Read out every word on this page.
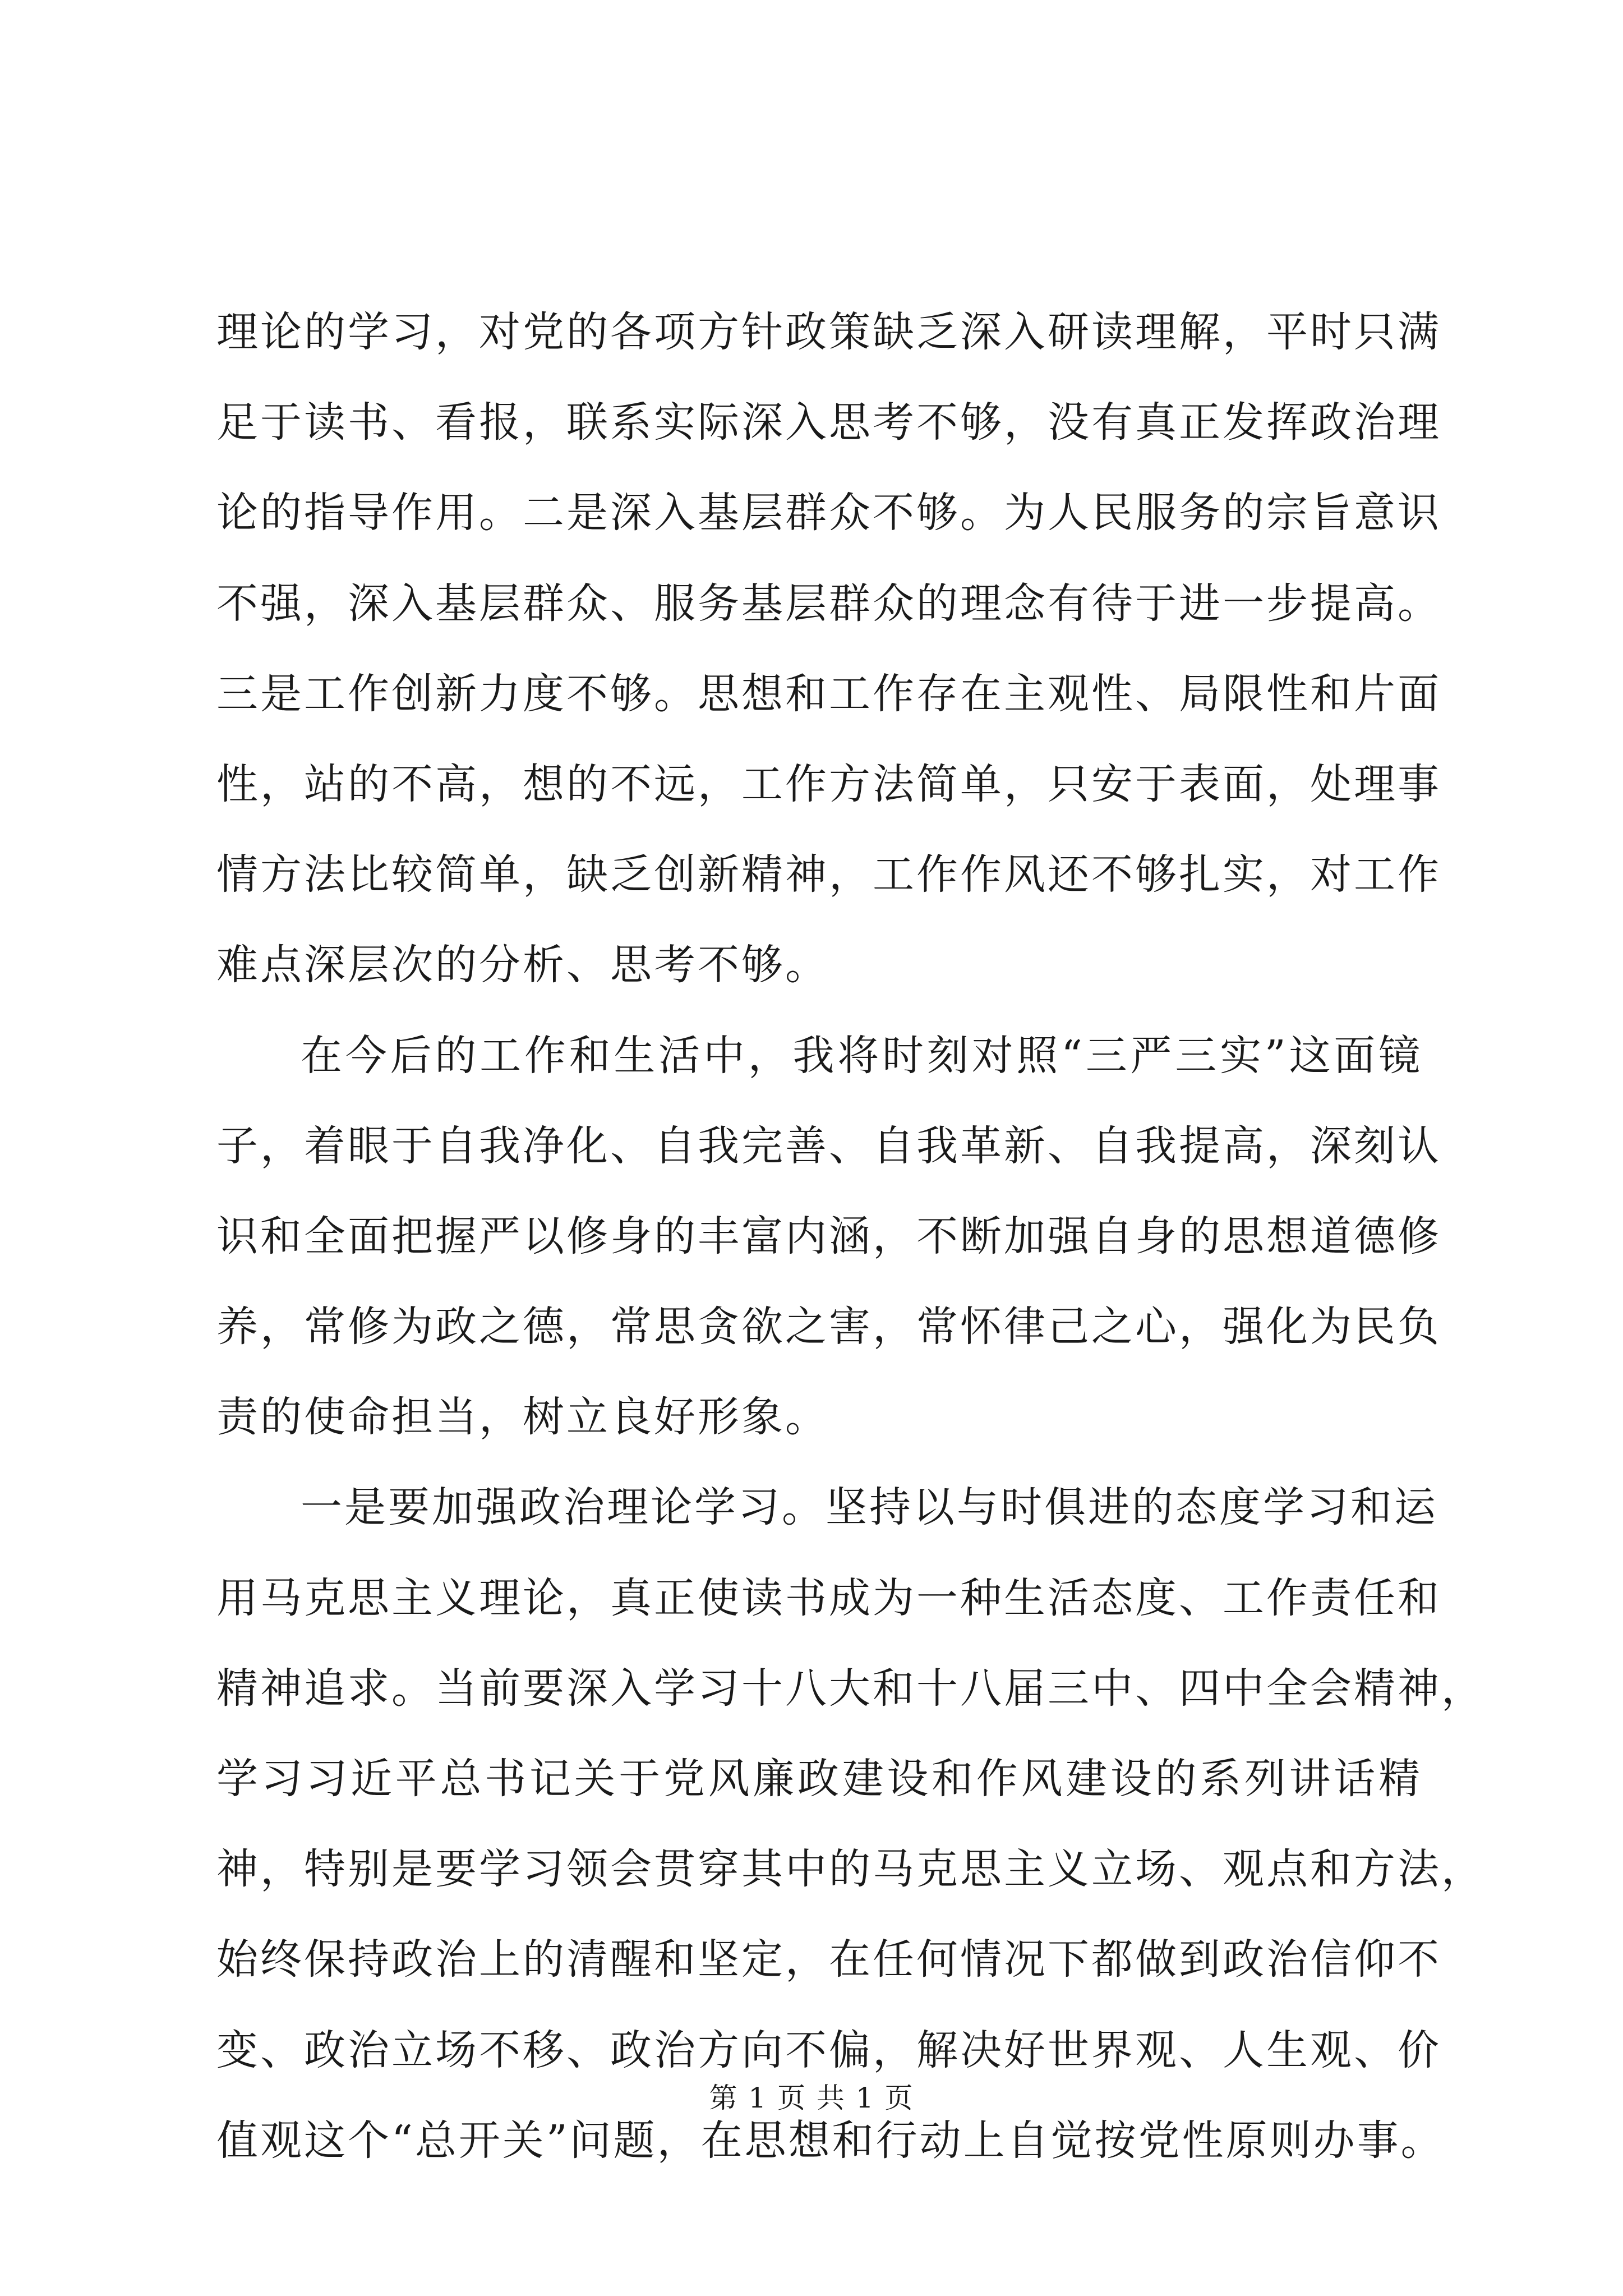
理论的学习，对党的各项方针政策缺乏深入研读理解，平时只满
足于读书、看报，联系实际深入思考不够，没有真正发挥政治理
论的指导作用。二是深入基层群众不够。为人民服务的宗旨意识
不强，深入基层群众、服务基层群众的理念有待于进一步提高。
三是工作创新力度不够。思想和工作存在主观性、局限性和片面
性，站的不高，想的不远，工作方法简单，只安于表面，处理事
情方法比较简单，缺乏创新精神，工作作风还不够扎实，对工作
难点深层次的分析、思考不够。
在今后的工作和生活中，我将时刻对照“三严三实”这面镜
子，着眼于自我净化、自我完善、自我革新、自我提高，深刻认
识和全面把握严以修身的丰富内涵，不断加强自身的思想道德修
养，常修为政之德，常思贪欲之害，常怀律己之心，强化为民负
责的使命担当，树立良好形象。
一是要加强政治理论学习。坚持以与时俱进的态度学习和运
用马克思主义理论，真正使读书成为一种生活态度、工作责任和
精神追求。当前要深入学习十八大和十八届三中、四中全会精神，
学习习近平总书记关于党风廉政建设和作风建设的系列讲话精
神，特别是要学习领会贯穿其中的马克思主义立场、观点和方法，
始终保持政治上的清醒和坚定，在任何情况下都做到政治信仰不
变、政治立场不移、政治方向不偏，解决好世界观、人生观、价
值观这个“总开关”问题，在思想和行动上自觉按党性原则办事。
第 1 页 共 1 页
